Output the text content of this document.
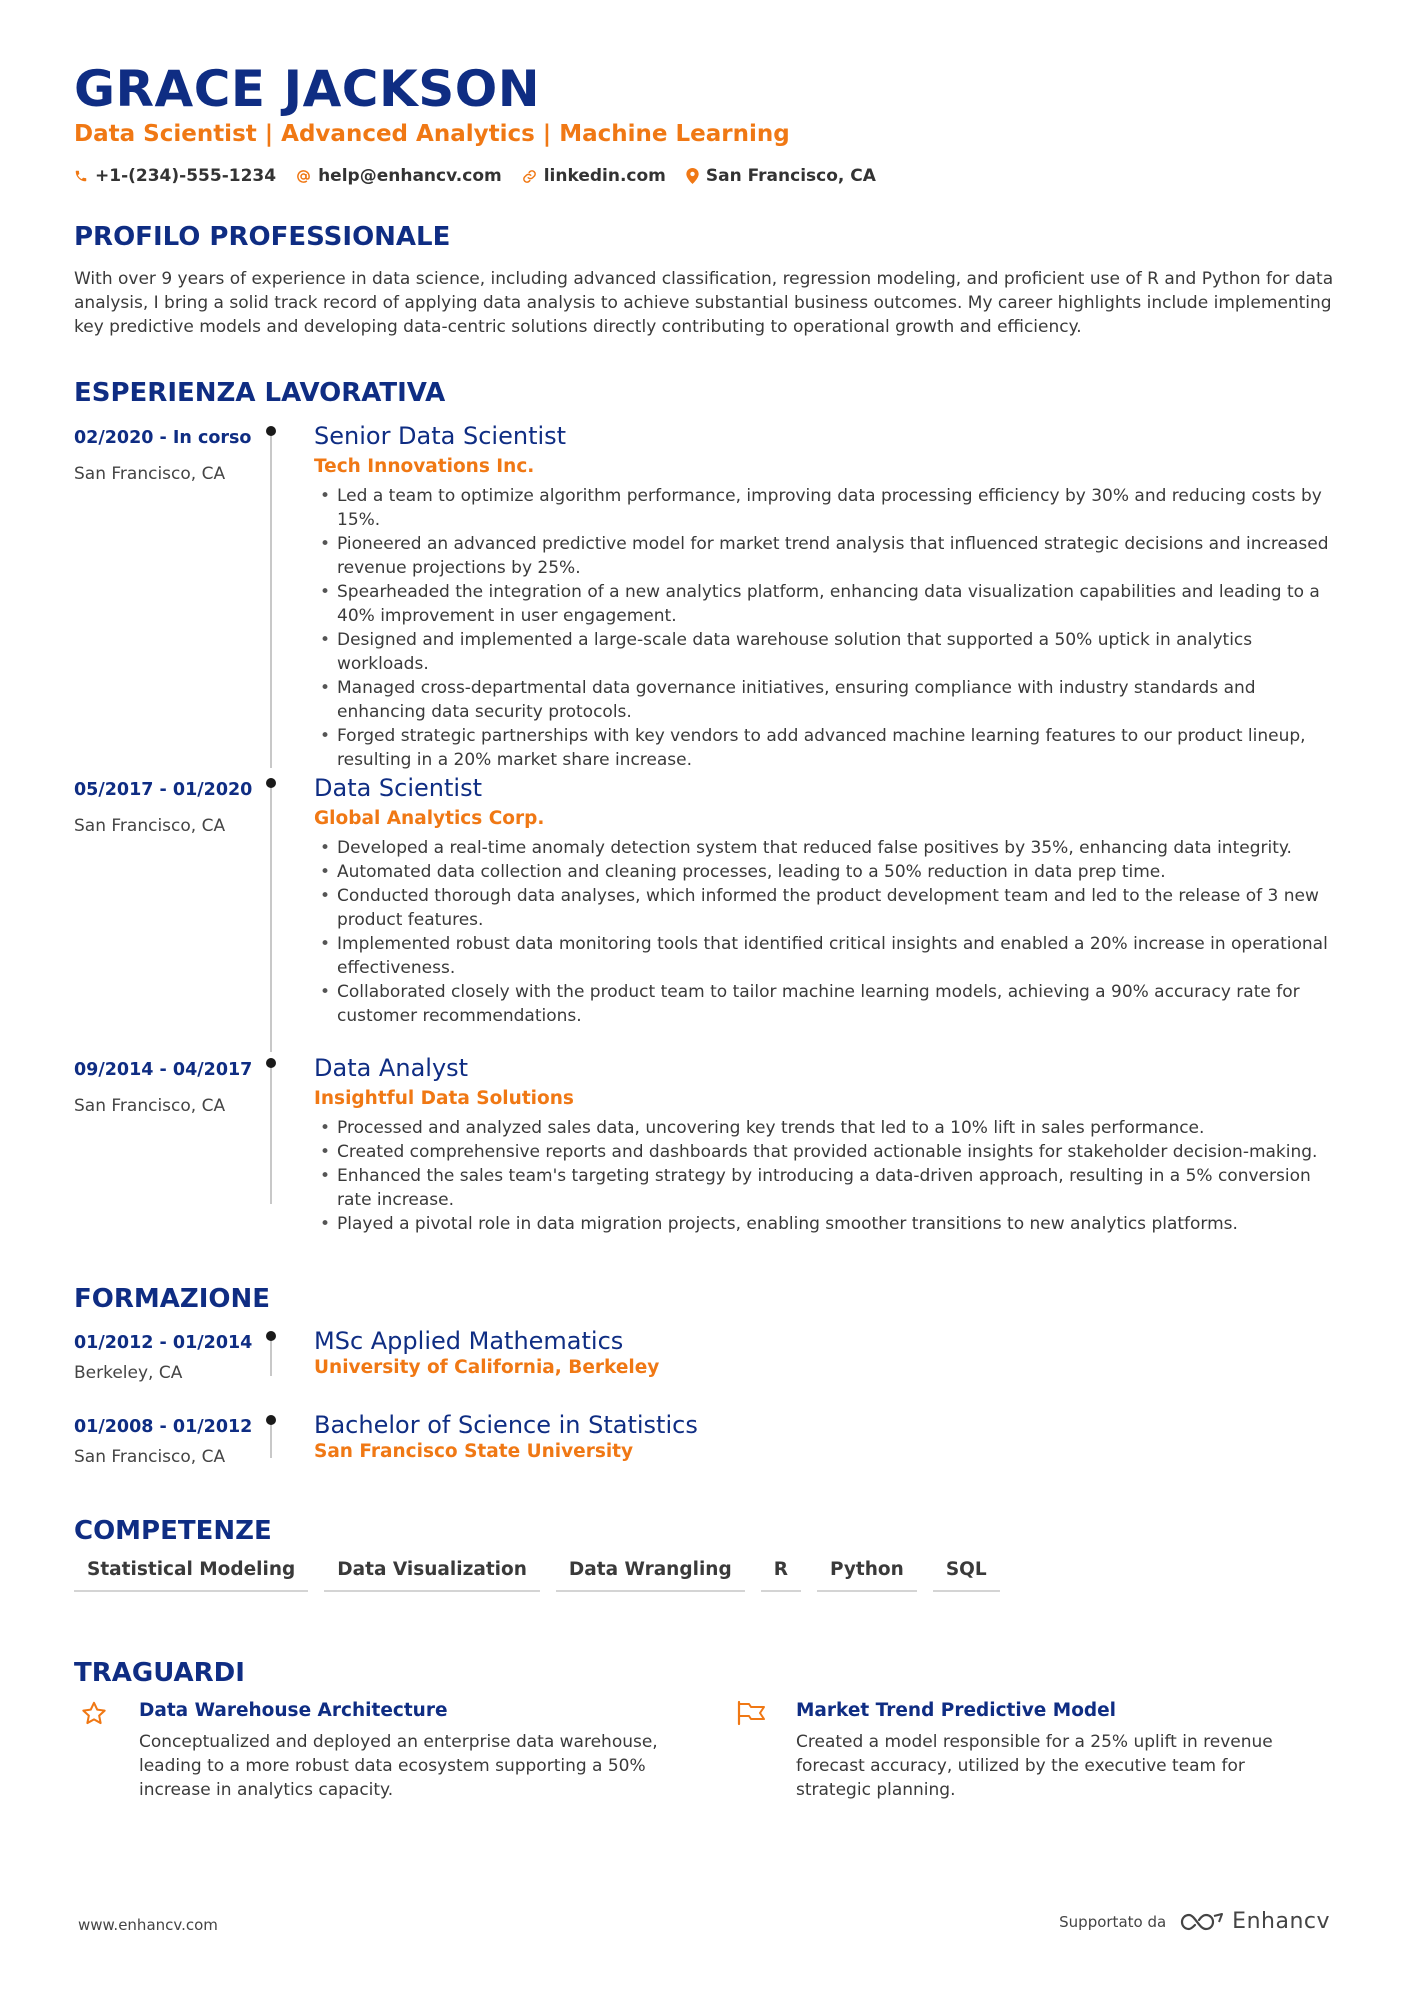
GRACE JACKSON
Data Scientist | Advanced Analytics | Machine Learning
+1-(234)-555-1234 help@enhancv.com linkedin.com San Francisco, CA
PROFILO PROFESSIONALE

With over 9 years of experience in data science, including advanced classification, regression modeling, and proficient use of R and Python for data analysis, I bring a solid track record of applying data analysis to achieve substantial business outcomes. My career highlights include implementing key predictive models and developing data-centric solutions directly contributing to operational growth and efficiency.

ESPERIENZA LAVORATIVA
02/2020 - In corso
San Francisco, CA
Senior Data Scientist
Tech Innovations Inc.
• Led a team to optimize algorithm performance, improving data processing efficiency by 30% and reducing costs by 15%.
• Pioneered an advanced predictive model for market trend analysis that influenced strategic decisions and increased revenue projections by 25%.
• Spearheaded the integration of a new analytics platform, enhancing data visualization capabilities and leading to a 40% improvement in user engagement.
• Designed and implemented a large-scale data warehouse solution that supported a 50% uptick in analytics workloads.
• Managed cross-departmental data governance initiatives, ensuring compliance with industry standards and enhancing data security protocols.
• Forged strategic partnerships with key vendors to add advanced machine learning features to our product lineup, resulting in a 20% market share increase.
05/2017 - 01/2020
San Francisco, CA
Data Scientist
Global Analytics Corp.
• Developed a real-time anomaly detection system that reduced false positives by 35%, enhancing data integrity.
• Automated data collection and cleaning processes, leading to a 50% reduction in data prep time.
• Conducted thorough data analyses, which informed the product development team and led to the release of 3 new product features.
• Implemented robust data monitoring tools that identified critical insights and enabled a 20% increase in operational effectiveness.
• Collaborated closely with the product team to tailor machine learning models, achieving a 90% accuracy rate for customer recommendations.
09/2014 - 04/2017
San Francisco, CA
Data Analyst
Insightful Data Solutions
• Processed and analyzed sales data, uncovering key trends that led to a 10% lift in sales performance.
• Created comprehensive reports and dashboards that provided actionable insights for stakeholder decision-making.
• Enhanced the sales team's targeting strategy by introducing a data-driven approach, resulting in a 5% conversion rate increase.
• Played a pivotal role in data migration projects, enabling smoother transitions to new analytics platforms.
FORMAZIONE
01/2012 - 01/2014
Berkeley, CA
MSc Applied Mathematics
University of California, Berkeley
01/2008 - 01/2012
San Francisco, CA
Bachelor of Science in Statistics
San Francisco State University
COMPETENZE
Statistical Modeling	Data Visualization	Data Wrangling	R	Python	SQL
TRAGUARDI
Data Warehouse Architecture

Conceptualized and deployed an enterprise data warehouse, leading to a more robust data ecosystem supporting a 50% increase in analytics capacity.

Market Trend Predictive Model

Created a model responsible for a 25% uplift in revenue forecast accuracy, utilized by the executive team for strategic planning.

www.enhancv.com	Supportato da	Enhancv
